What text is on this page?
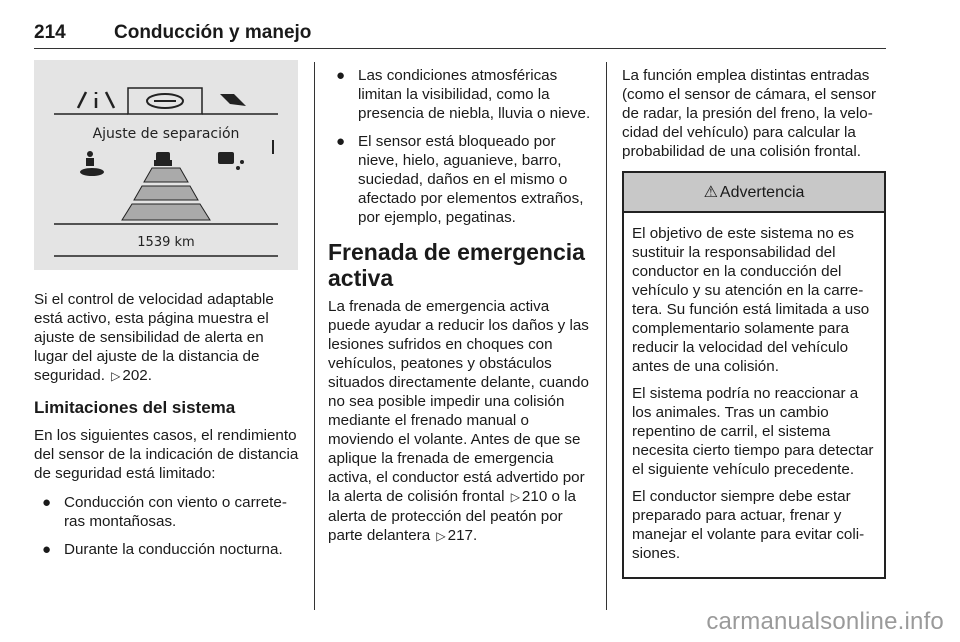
214	Conducción y manejo
Ajuste de separación
1539 km

Si el control de velocidad adaptable está activo, esta página muestra el ajuste de sensibilidad de alerta en lugar del ajuste de la distancia de seguridad. ▷ 202.

Limitaciones del sistema

En los siguientes casos, el rendimiento del sensor de la indicación de distancia de seguridad está limitado:

● Conducción con viento o carreteras montañosas.
● Durante la conducción nocturna.
● Las condiciones atmosféricas limitan la visibilidad, como la presencia de niebla, lluvia o nieve.
● El sensor está bloqueado por nieve, hielo, aguanieve, barro, suciedad, daños en el mismo o afectado por elementos extraños, por ejemplo, pegatinas.
Frenada de emergencia activa

La frenada de emergencia activa puede ayudar a reducir los daños y las lesiones sufridos en choques con vehículos, peatones y obstáculos situados directamente delante, cuando no sea posible impedir una colisión mediante el frenado manual o moviendo el volante. Antes de que se aplique la frenada de emergencia activa, el conductor está advertido por la alerta de colisión frontal ▷ 210 o la alerta de protección del peatón por parte delantera ▷ 217.

La función emplea distintas entradas (como el sensor de cámara, el sensor de radar, la presión del freno, la velocidad del vehículo) para calcular la probabilidad de una colisión frontal.

⚠ Advertencia

El objetivo de este sistema no es sustituir la responsabilidad del conductor en la conducción del vehículo y su atención en la carretera. Su función está limitada a uso complementario solamente para reducir la velocidad del vehículo antes de una colisión.

El sistema podría no reaccionar a los animales. Tras un cambio repentino de carril, el sistema necesita cierto tiempo para detectar el siguiente vehículo precedente.

El conductor siempre debe estar preparado para actuar, frenar y manejar el volante para evitar colisiones.

carmanualsonline.info
